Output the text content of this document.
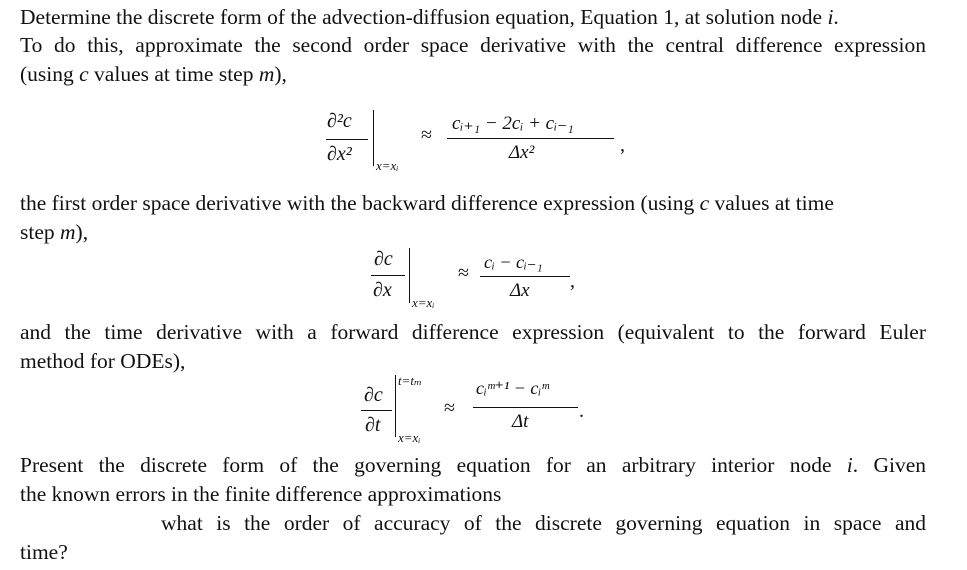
Determine the discrete form of the advection-diffusion equation, Equation 1, at solution node i.
To do this, approximate the second order space derivative with the central difference expression
(using c values at time step m),
∂²c
∂x²
x=xᵢ
≈
cᵢ₊₁ − 2cᵢ + cᵢ₋₁
Δx²	,
the first order space derivative with the backward difference expression (using c values at time
step m),
∂c
∂x
x=xᵢ
≈ cᵢ − cᵢ₋₁
Δx ,
and the time derivative with a forward difference expression (equivalent to the forward Euler
method for ODEs),
∂c
∂t
t=tₘ
x=xᵢ
≈
cᵢᵐ⁺¹ − cᵢᵐ
Δt	.
Present the discrete form of the governing equation for an arbitrary interior node i. Given
the known errors in the finite difference approximations
what is the order of accuracy of the discrete governing equation in space and
time?
